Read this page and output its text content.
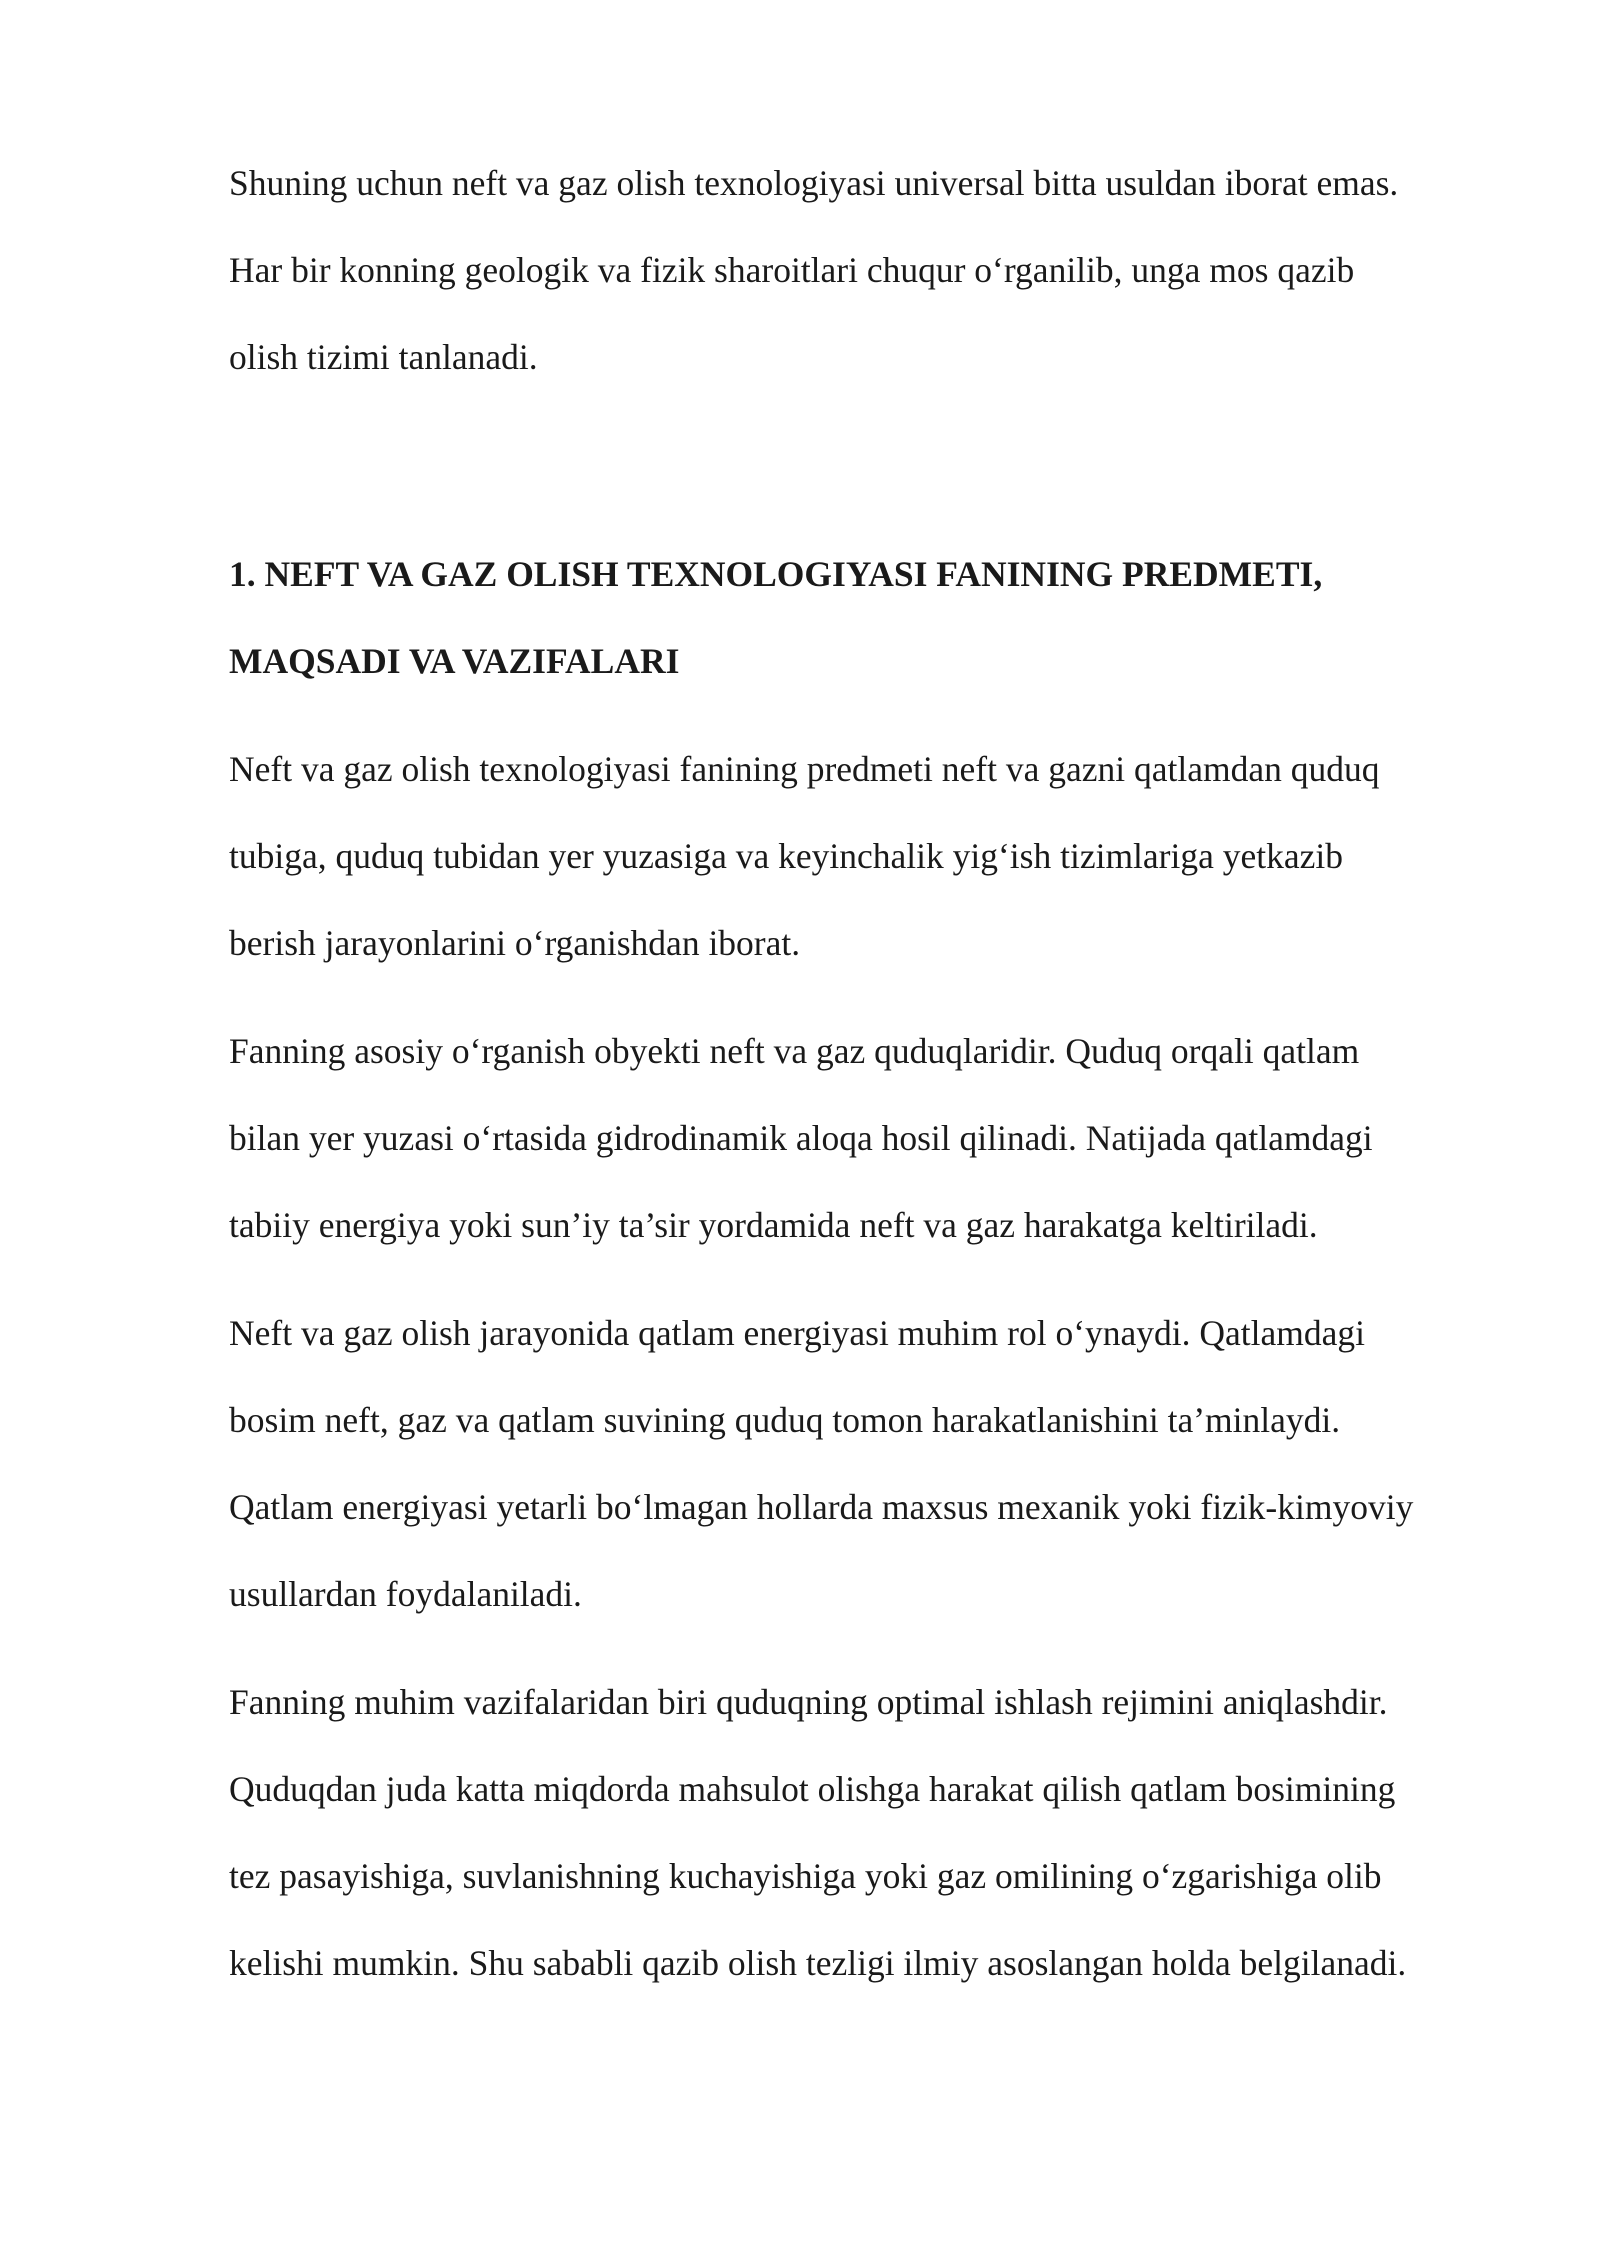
Shuning uchun neft va gaz olish texnologiyasi universal bitta usuldan iborat emas.
Har bir konning geologik va fizik sharoitlari chuqur o‘rganilib, unga mos qazib
olish tizimi tanlanadi.

1. NEFT VA GAZ OLISH TEXNOLOGIYASI FANINING PREDMETI,
MAQSADI VA VAZIFALARI

Neft va gaz olish texnologiyasi fanining predmeti neft va gazni qatlamdan quduq
tubiga, quduq tubidan yer yuzasiga va keyinchalik yig‘ish tizimlariga yetkazib
berish jarayonlarini o‘rganishdan iborat.

Fanning asosiy o‘rganish obyekti neft va gaz quduqlaridir. Quduq orqali qatlam
bilan yer yuzasi o‘rtasida gidrodinamik aloqa hosil qilinadi. Natijada qatlamdagi
tabiiy energiya yoki sun’iy ta’sir yordamida neft va gaz harakatga keltiriladi.

Neft va gaz olish jarayonida qatlam energiyasi muhim rol o‘ynaydi. Qatlamdagi
bosim neft, gaz va qatlam suvining quduq tomon harakatlanishini ta’minlaydi.
Qatlam energiyasi yetarli bo‘lmagan hollarda maxsus mexanik yoki fizik-kimyoviy
usullardan foydalaniladi.

Fanning muhim vazifalaridan biri quduqning optimal ishlash rejimini aniqlashdir.
Quduqdan juda katta miqdorda mahsulot olishga harakat qilish qatlam bosimining
tez pasayishiga, suvlanishning kuchayishiga yoki gaz omilining o‘zgarishiga olib
kelishi mumkin. Shu sababli qazib olish tezligi ilmiy asoslangan holda belgilanadi.
